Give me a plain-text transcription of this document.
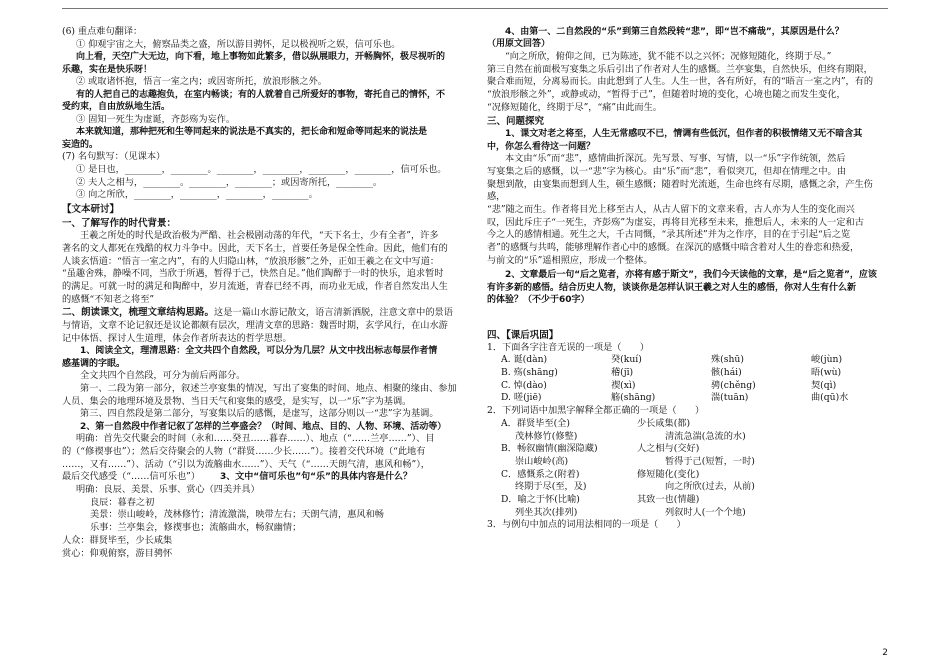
(6) 重点难句翻译：

① 仰观宇宙之大，俯察品类之盛，所以游目骋怀，足以极视听之娱，信可乐也。

向上看，天空广大无边，向下看，地上事物如此繁多，借以纵展眼力，开畅胸怀，极尽视听的

乐趣，实在是快乐呀！

② 或取诸怀抱，悟言一室之内；或因寄所托，放浪形骸之外。

有的人把自己的志趣抱负，在室内畅谈；有的人就着自己所爱好的事物，寄托自己的情怀，不

受约束，自由放纵地生活。

③ 固知一死生为虚诞，齐彭殇为妄作。

本来就知道，那种把死和生等同起来的说法是不真实的，把长命和短命等同起来的说法是

妄造的。

(7) 名句默写：（见课本）

① 是日也，________，________。________，________，________，________，信可乐也。

② 夫人之相与，________。________，________；或因寄所托，________。

③ 向之所欣，________，________，________，________。

【文本研讨】

一、了解写作的时代背景：

王羲之所处的时代是政治极为严酷、社会极剧动荡的年代，“天下名士，少有全者”，许多

著名的文人都死在残酷的权力斗争中。因此，天下名士，首要任务是保全性命。因此，他们有的

人谈玄悟道：“悟言一室之内”，有的人归隐山林，“放浪形骸”之外，正如王羲之在文中写道：

“虽趣舍殊，静噪不同，当欣于所遇，暂得于己，快然自足。”他们陶醉于一时的快乐，追求暂时

的满足。可就一时的满足和陶醉中，岁月流逝，青春已经不再，而功业无成，作者自然发出人生

的感慨“不知老之将至”

二、朗读课文，梳理文章结构思路。这是一篇山水游记散文，语言清新洒脱，注意文章中的景语

与情语，文章不论记叙还是议论都颇有层次，理清文章的思路：魏晋时期，玄学风行，在山水游

记中体悟、探讨人生道理，体会作者所表达的哲学思想。

1、阅读全文，理清思路：全文共四个自然段，可以分为几层？从文中找出标志每层作者情

感基调的字眼。

全文共四个自然段，可分为前后两部分。

第一、二段为第一部分，叙述兰亭宴集的情况，写出了宴集的时间、地点、相聚的缘由、参加

人员、集会的地理环境及景物、当日天气和宴集的感受，是实写，以一“乐”字为基调。

第三、四自然段是第二部分，写宴集以后的感慨，是虚写，这部分则以一“悲”字为基调。

2、第一自然段中作者记叙了怎样的兰亭盛会？（时间、地点、目的、人物、环境、活动等）

明确：首先交代聚会的时间（永和……癸丑……暮春……）、地点（“……兰亭……”）、目

的（“修禊事也”）；然后交待聚会的人物（“群贤……少长……”）。接着交代环境（“此地有

……，又有……”）、活动（“引以为流觞曲水……”）、天气（“……天朗气清，惠风和畅”），

最后交代感受（“……信可乐也”） 3、文中“信可乐也”句“乐”的具体内容是什么？

明确：良辰、美景、乐事、赏心（四美并具）

良辰：暮春之初

美景：崇山峻岭，茂林修竹；清流激湍，映带左右；天朗气清，惠风和畅

乐事：兰亭集会，修禊事也；流觞曲水，畅叙幽情；

人众：群贤毕至，少长咸集

赏心：仰观俯察，游目骋怀

4、由第一、二自然段的“乐”到第三自然段转“悲”，即“岂不痛哉”，其原因是什么？

（用原文回答）

“向之所欣，俯仰之间，已为陈迹，犹不能不以之兴怀；况修短随化，终期于尽。”

第三自然在前面极写宴集之乐后引出了作者对人生的感慨。兰亭宴集，自然快乐，但终有期限，

聚合难而短，分离易而长。由此想到了人生。人生一世，各有所好，有的“晤言一室之内”，有的

“放浪形骸之外”，或静或动，“暂得于己”，但随着时境的变化，心境也随之而发生变化，

“况修短随化，终期于尽”，“痛”由此而生。

三、问题探究

1、课文对老之将至，人生无常感叹不已，情调有些低沉，但作者的积极情绪又无不暗含其

中，你怎么看待这一问题？

本文由“乐”而“悲”，感情曲折深沉。先写景、写事、写情，以一“乐”字作统领，然后

写宴集之后的感慨，以一“悲”字为核心。由“乐”而“悲”，看似突兀，但却在情理之中。由

聚想到散，由宴集而想到人生，顿生感慨；随着时光流逝，生命也终有尽期，感慨之余，产生伤感，

“悲”随之而生。作者将目光上移至古人，从古人留下的文章来看，古人亦为人生的变化而兴

叹，因此斥庄子“一死生，齐彭殇”为虚妄，再将目光移至未来，推想后人，未来的人一定和古

今之人的感情相通。死生之大，千古同慨，“录其所述”并为之作序，目的在于引起“后之览

者”的感慨与共鸣，能够理解作者心中的感慨。在深沉的感慨中暗含着对人生的眷恋和热爱，

与前文的“乐”遥相照应，形成一个整体。

2、文章最后一句“后之览者，亦将有感于斯文”，我们今天读他的文章，是“后之览者”，应该

有许多新的感悟。结合历史人物，谈谈你是怎样认识王羲之对人生的感悟，你对人生有什么新

的体验？（不少于60字）

四、【课后巩固】

1．下面各字注音无误的一项是（　　）

A. 诞(dàn)	癸(kuí)	殊(shū)	峻(jùn)
B. 殇(shāng)	稽(jī)	骸(hái)	晤(wù)
C. 悼(dào)	禊(xì)	骋(chěng)	契(qì)
D. 嗟(jiē)	觞(shāng)	湍(tuān)	曲(qū)水

2．下列词语中加黑字解释全都正确的一项是（　　）

A．群贤毕至(全)	少长咸集(都)
茂林修竹(修整)	清流急湍(急流的水)
B．畅叙幽情(幽深隐藏)	人之相与(交好)
崇山峻岭(高)	暂得于己(短暂，一时)
C．感慨系之(附着)	修短随化(变化)
终期于尽(至，及)	向之所欣(过去，从前)
D．喻之于怀(比喻)	其致一也(情趣)
列坐其次(排列)	列叙时人(一个个地)

3．与例句中加点的词用法相同的一项是（　　）

2
